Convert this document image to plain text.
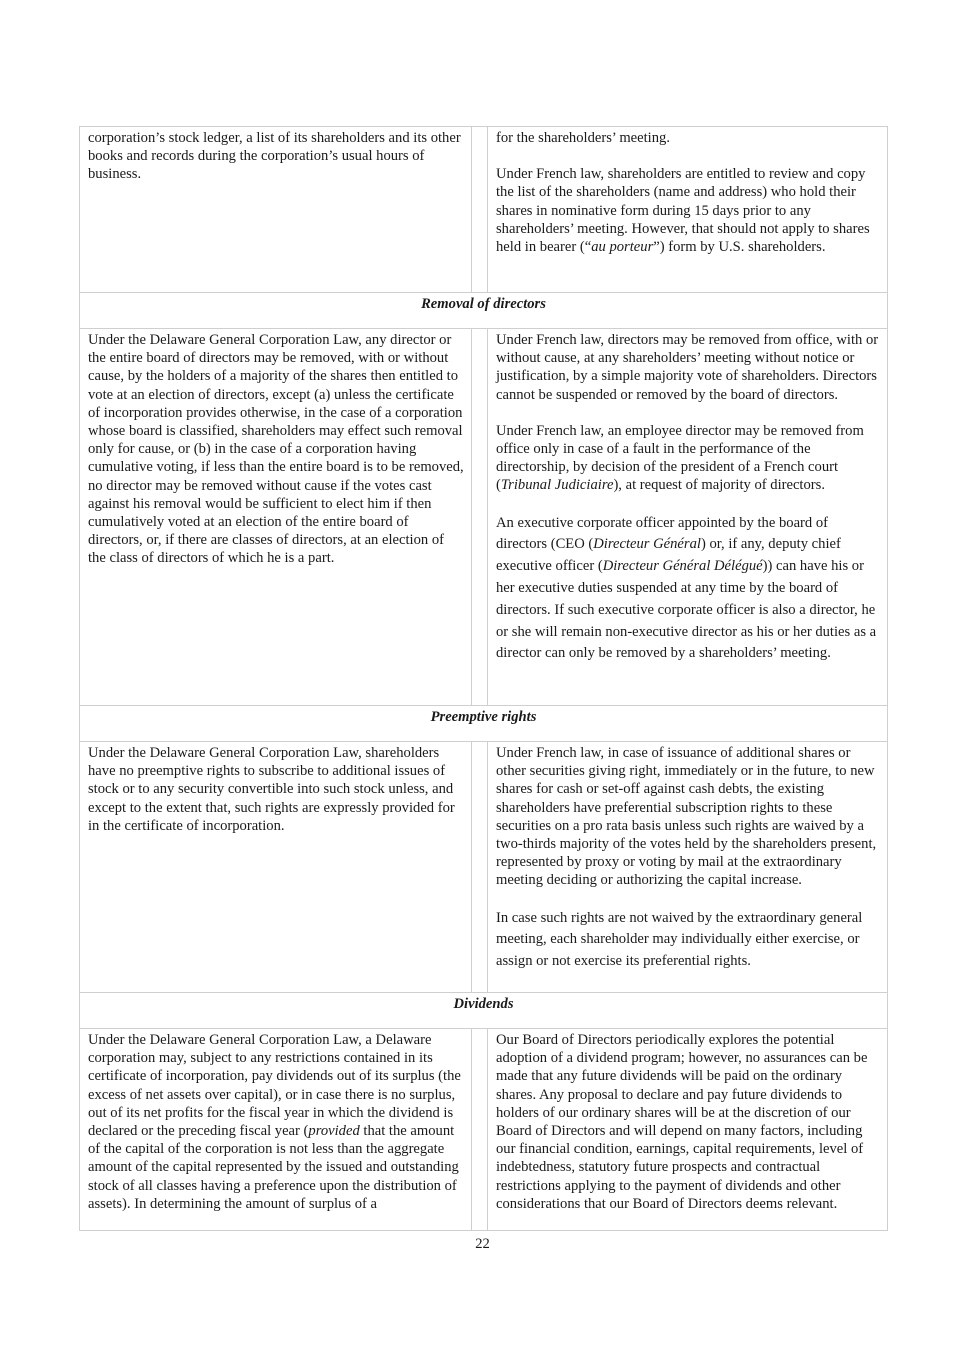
corporation’s stock ledger, a list of its shareholders and its other books and records during the corporation’s usual hours of business.

for the shareholders’ meeting.

Under French law, shareholders are entitled to review and copy the list of the shareholders (name and address) who hold their shares in nominative form during 15 days prior to any shareholders’ meeting. However, that should not apply to shares held in bearer (“au porteur”) form by U.S. shareholders.

Removal of directors

Under the Delaware General Corporation Law, any director or the entire board of directors may be removed, with or without cause, by the holders of a majority of the shares then entitled to vote at an election of directors, except (a) unless the certificate of incorporation provides otherwise, in the case of a corporation whose board is classified, shareholders may effect such removal only for cause, or (b) in the case of a corporation having cumulative voting, if less than the entire board is to be removed, no director may be removed without cause if the votes cast against his removal would be sufficient to elect him if then cumulatively voted at an election of the entire board of directors, or, if there are classes of directors, at an election of the class of directors of which he is a part.

Under French law, directors may be removed from office, with or without cause, at any shareholders’ meeting without notice or justification, by a simple majority vote of shareholders. Directors cannot be suspended or removed by the board of directors.

Under French law, an employee director may be removed from office only in case of a fault in the performance of the directorship, by decision of the president of a French court (Tribunal Judiciaire), at request of majority of directors.

An executive corporate officer appointed by the board of directors (CEO (Directeur Général) or, if any, deputy chief executive officer (Directeur Général Délégué)) can have his or her executive duties suspended at any time by the board of directors. If such executive corporate officer is also a director, he or she will remain non-executive director as his or her duties as a director can only be removed by a shareholders’ meeting.

Preemptive rights

Under the Delaware General Corporation Law, shareholders have no preemptive rights to subscribe to additional issues of stock or to any security convertible into such stock unless, and except to the extent that, such rights are expressly provided for in the certificate of incorporation.

Under French law, in case of issuance of additional shares or other securities giving right, immediately or in the future, to new shares for cash or set-off against cash debts, the existing shareholders have preferential subscription rights to these securities on a pro rata basis unless such rights are waived by a two-thirds majority of the votes held by the shareholders present, represented by proxy or voting by mail at the extraordinary meeting deciding or authorizing the capital increase.

In case such rights are not waived by the extraordinary general meeting, each shareholder may individually either exercise, or assign or not exercise its preferential rights.

Dividends

Under the Delaware General Corporation Law, a Delaware corporation may, subject to any restrictions contained in its certificate of incorporation, pay dividends out of its surplus (the excess of net assets over capital), or in case there is no surplus, out of its net profits for the fiscal year in which the dividend is declared or the preceding fiscal year (provided that the amount of the capital of the corporation is not less than the aggregate amount of the capital represented by the issued and outstanding stock of all classes having a preference upon the distribution of assets). In determining the amount of surplus of a

Our Board of Directors periodically explores the potential adoption of a dividend program; however, no assurances can be made that any future dividends will be paid on the ordinary shares. Any proposal to declare and pay future dividends to holders of our ordinary shares will be at the discretion of our Board of Directors and will depend on many factors, including our financial condition, earnings, capital requirements, level of indebtedness, statutory future prospects and contractual restrictions applying to the payment of dividends and other considerations that our Board of Directors deems relevant.

22
